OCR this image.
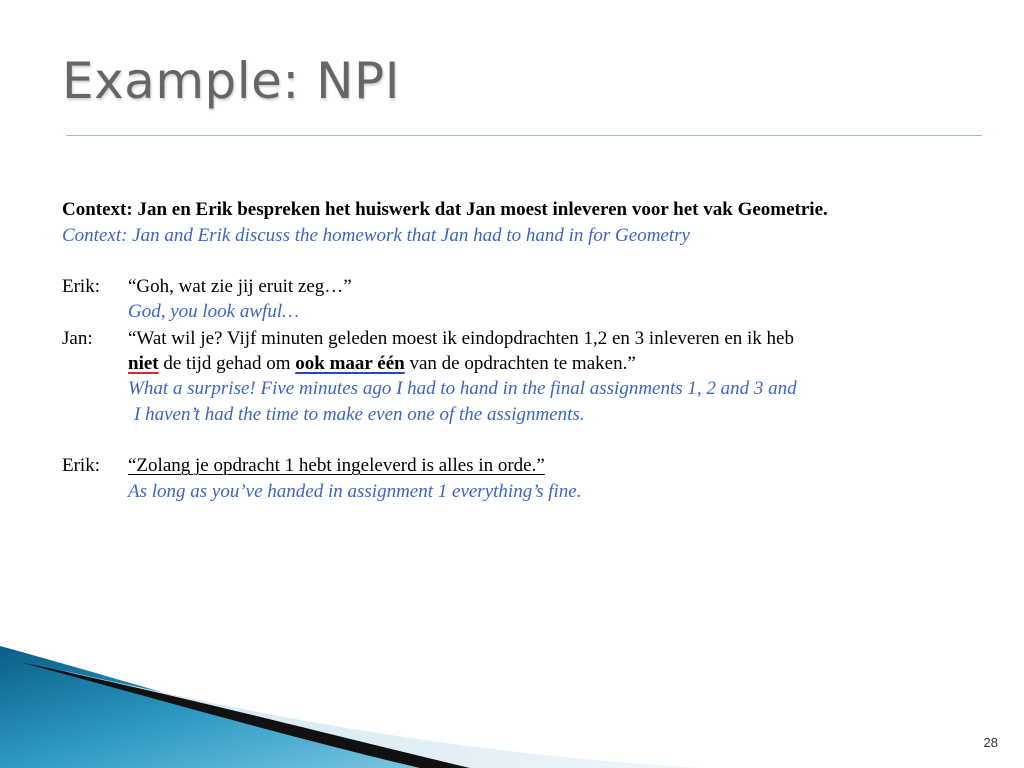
Example: NPI
Context: Jan en Erik bespreken het huiswerk dat Jan moest inleveren voor het vak Geometrie.
Context: Jan and Erik discuss the homework that Jan had to hand in for Geometry
Erik: “Goh, wat zie jij eruit zeg…”
God, you look awful…
Jan: “Wat wil je? Vijf minuten geleden moest ik eindopdrachten 1,2 en 3 inleveren en ik heb
niet de tijd gehad om ook maar één van de opdrachten te maken.”
What a surprise! Five minutes ago I had to hand in the final assignments 1, 2 and 3 and
I haven’t had the time to make even one of the assignments.
Erik: “Zolang je opdracht 1 hebt ingeleverd is alles in orde.”
As long as you’ve handed in assignment 1 everything’s fine.
28
